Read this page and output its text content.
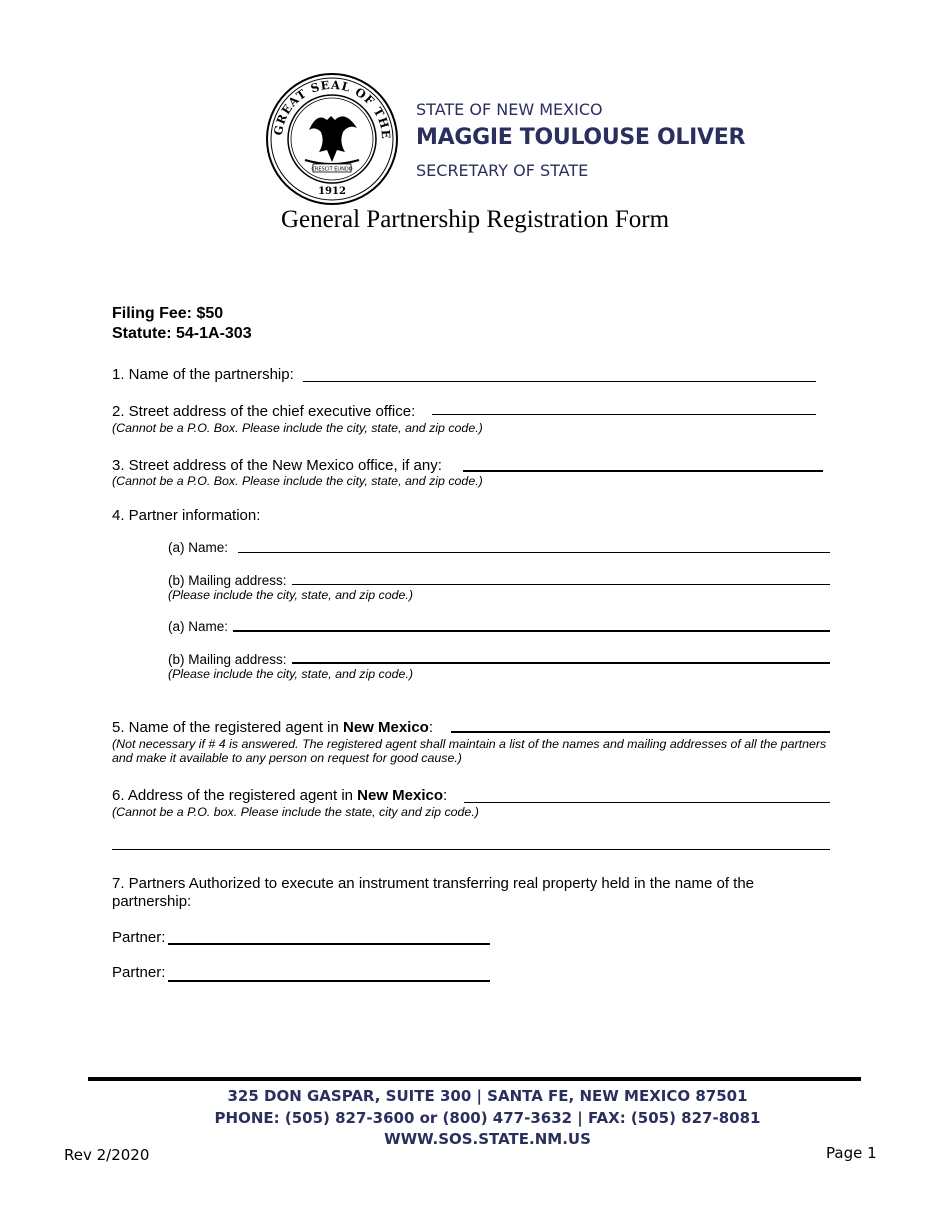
GREAT SEAL OF THE
1912
CRESCIT EUNDO
STATE OF NEW MEXICO
MAGGIE TOULOUSE OLIVER
SECRETARY OF STATE
General Partnership Registration Form
Filing Fee: $50
Statute: 54-1A-303
1. Name of the partnership:
2. Street address of the chief executive office:
(Cannot be a P.O. Box. Please include the city, state, and zip code.)
3. Street address of the New Mexico office, if any:
(Cannot be a P.O. Box. Please include the city, state, and zip code.)
4. Partner information:
(a) Name:
(b) Mailing address:
(Please include the city, state, and zip code.)
(a) Name:
(b) Mailing address:
(Please include the city, state, and zip code.)
5. Name of the registered agent in New Mexico:
(Not necessary if # 4 is answered. The registered agent shall maintain a list of the names and mailing addresses of all the partners
and make it available to any person on request for good cause.)
6. Address of the registered agent in New Mexico:
(Cannot be a P.O. box. Please include the state, city and zip code.)
7. Partners Authorized to execute an instrument transferring real property held in the name of the
partnership:
Partner:
Partner:
325 DON GASPAR, SUITE 300 | SANTA FE, NEW MEXICO 87501
PHONE: (505) 827-3600 or (800) 477-3632 | FAX: (505) 827-8081
WWW.SOS.STATE.NM.US
Rev 2/2020	Page 1
